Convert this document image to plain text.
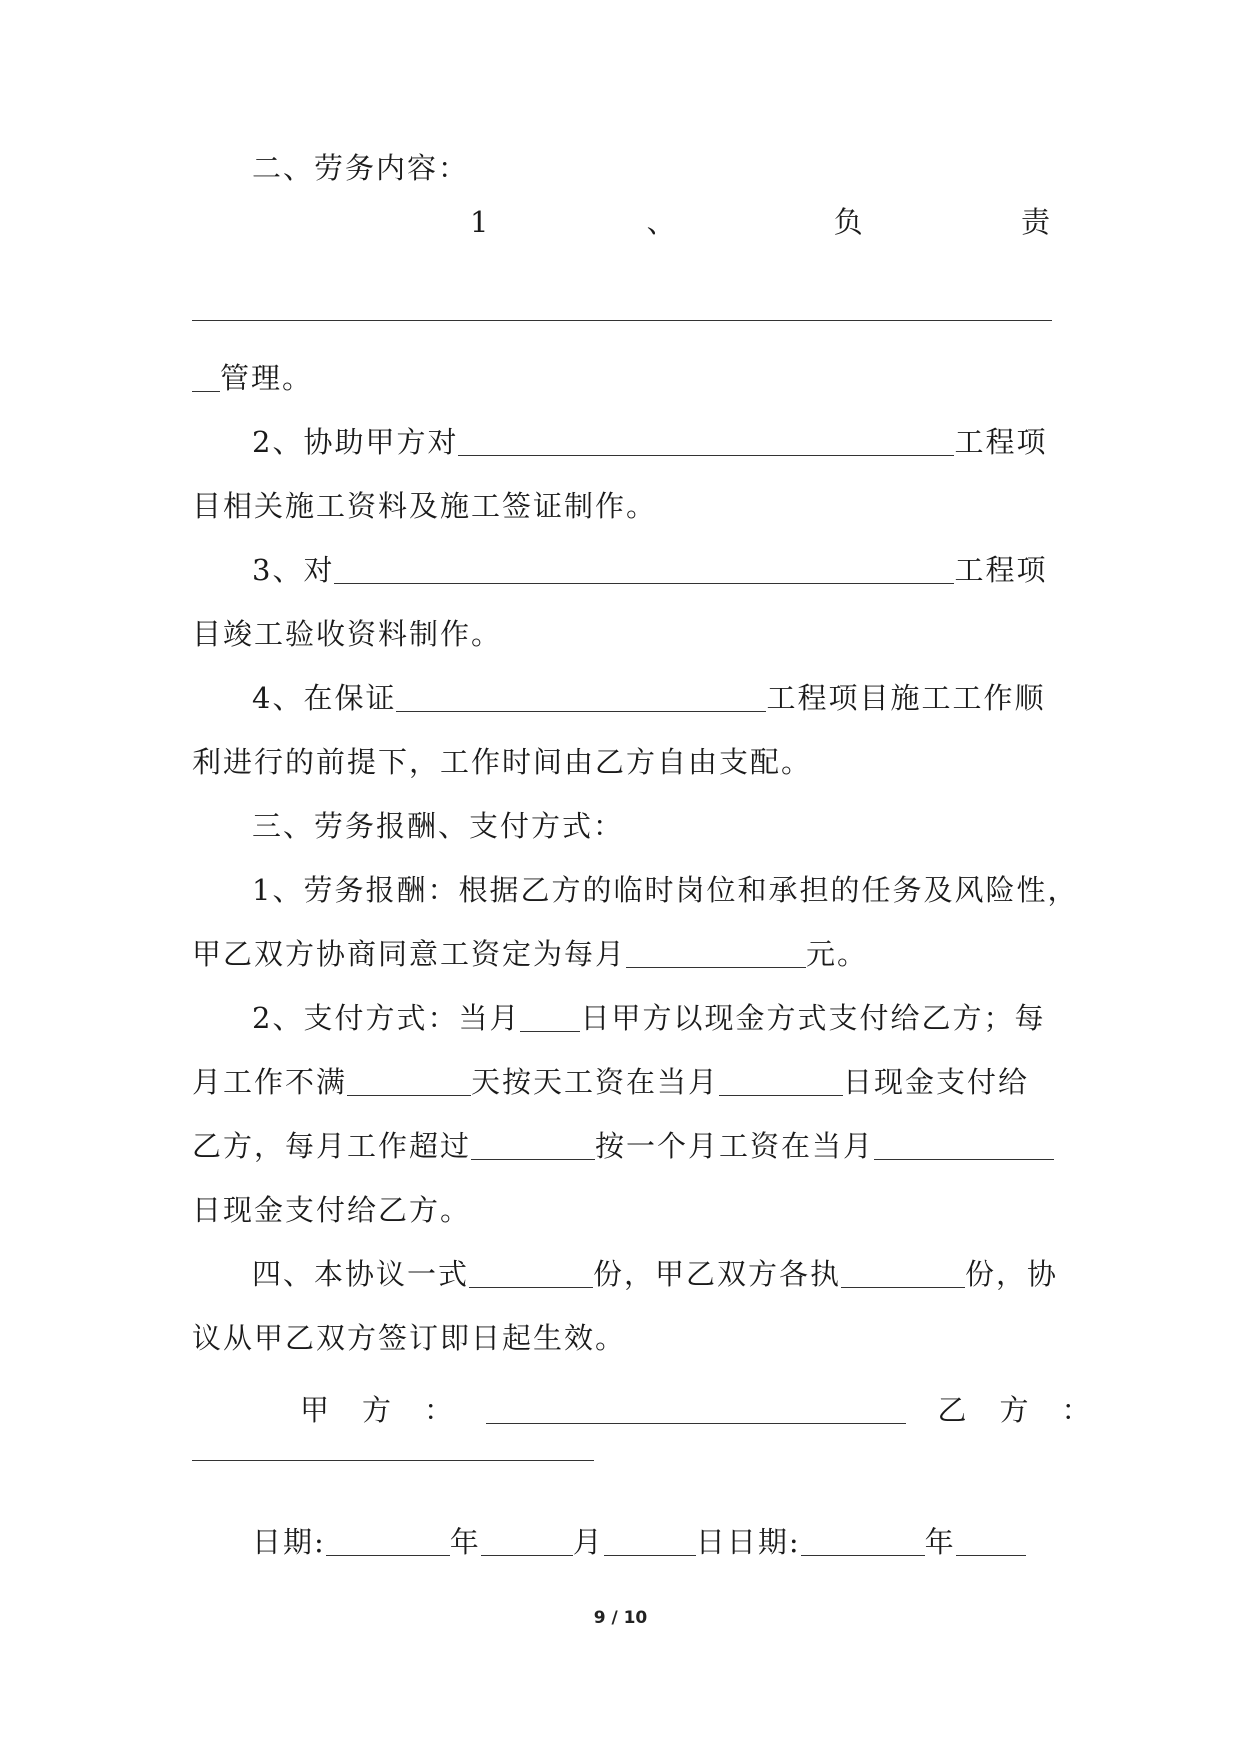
二、劳务内容：
1	、	负	责
管理。
2、协助甲方对	工程项
目相关施工资料及施工签证制作。
3、对	工程项
目竣工验收资料制作。
4、在保证	工程项目施工工作顺
利进行的前提下，工作时间由乙方自由支配。
三、劳务报酬、支付方式：
1、劳务报酬：根据乙方的临时岗位和承担的任务及风险性，
甲乙双方协商同意工资定为每月	元。
2、支付方式：当月 日甲方以现金方式支付给乙方；每
月工作不满	天按天工资在当月	日现金支付给
乙方，每月工作超过	按一个月工资在当月
日现金支付给乙方。
四、本协议一式	份，甲乙双方各执	份，协
议从甲乙双方签订即日起生效。
甲　方　：	乙　方　：
日期:	年	月	日日期:	年
9 / 10
